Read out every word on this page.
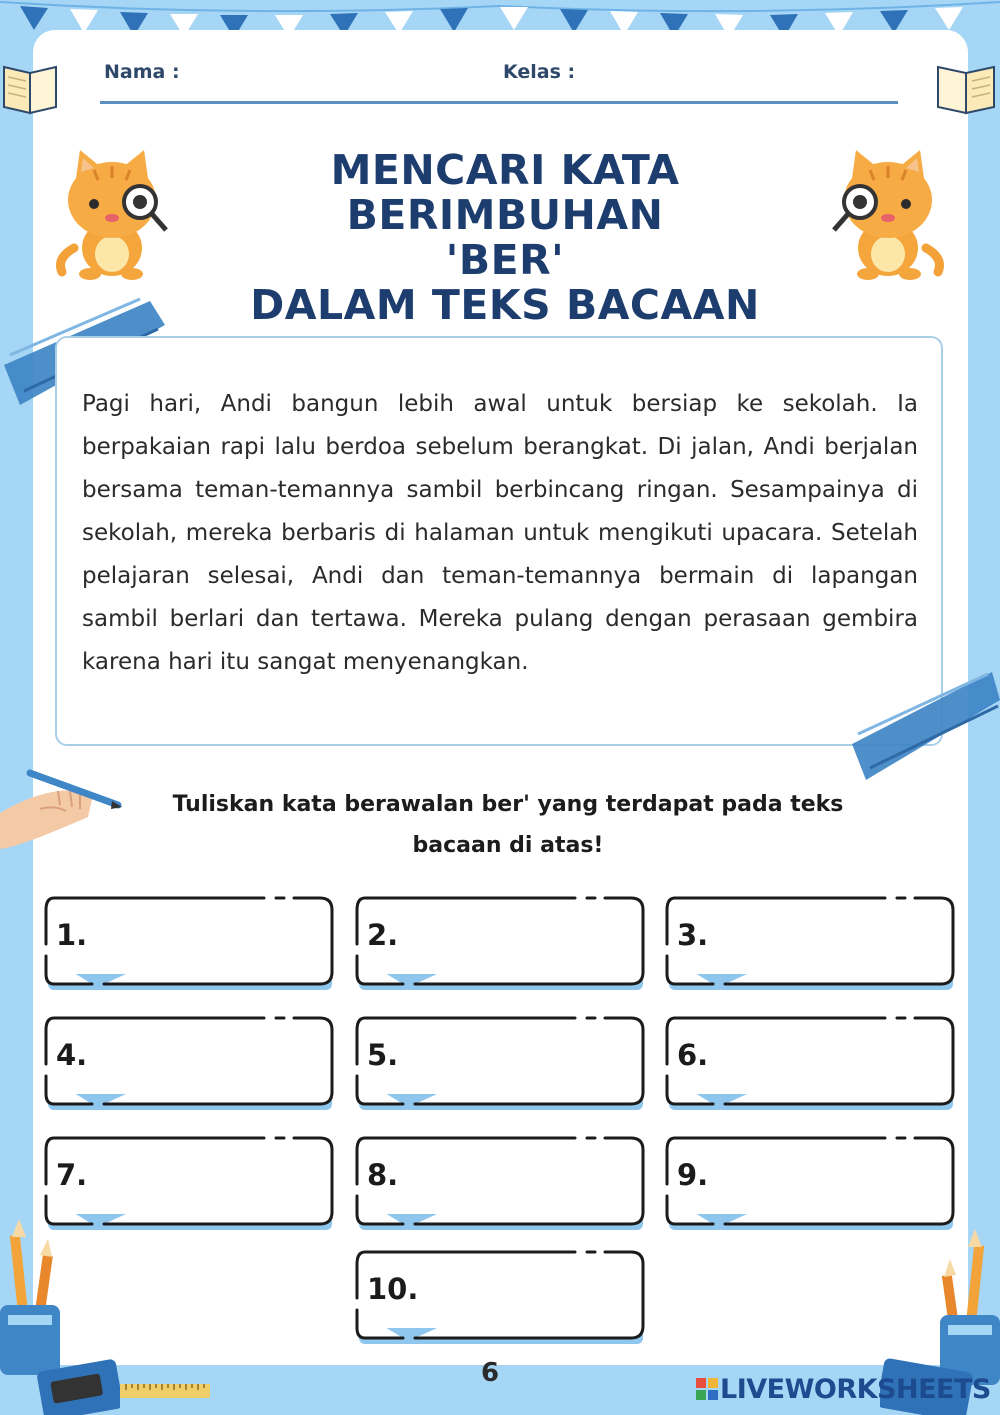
Nama :	Kelas :
MENCARI KATA BERIMBUHAN
'BER'
DALAM TEKS BACAAN
Pagi hari, Andi bangun lebih awal untuk bersiap ke sekolah. Ia berpakaian rapi lalu berdoa sebelum berangkat. Di jalan, Andi berjalan bersama teman-temannya sambil berbincang ringan. Sesampainya di sekolah, mereka berbaris di halaman untuk mengikuti upacara. Setelah pelajaran selesai, Andi dan teman-temannya bermain di lapangan sambil berlari dan tertawa. Mereka pulang dengan perasaan gembira karena hari itu sangat menyenangkan.
Tuliskan kata berawalan ber' yang terdapat pada teks
bacaan di atas!
1.	2.	3.
4.	5.	6.
7.	8.	9.
10.
6
LIVEWORKSHEETS
